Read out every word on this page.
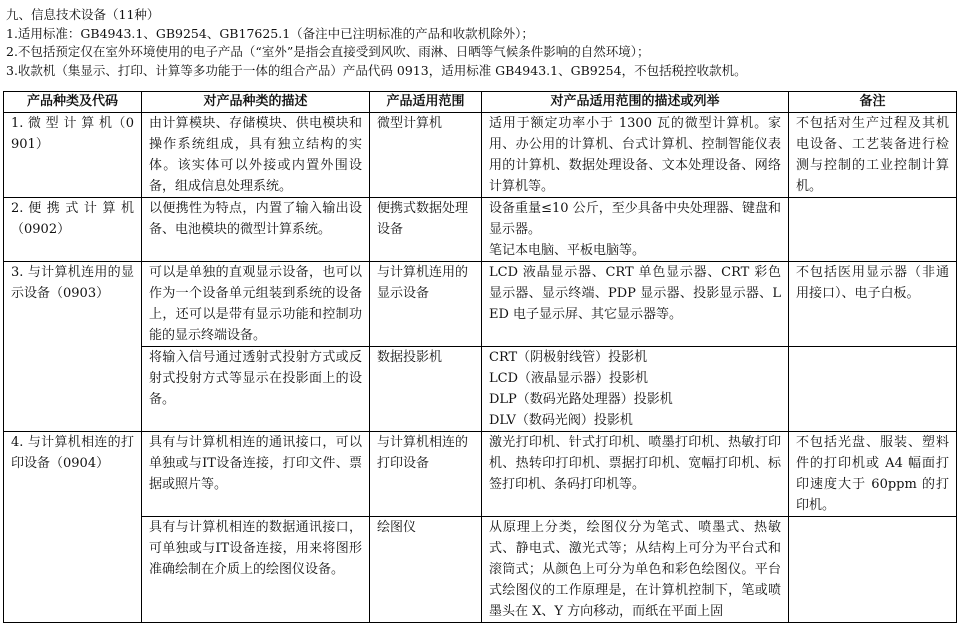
九、信息技术设备（11种）
1.适用标准：GB4943.1、GB9254、GB17625.1（备注中已注明标准的产品和收款机除外）；
2.不包括预定仅在室外环境使用的电子产品（“室外”是指会直接受到风吹、雨淋、日晒等气候条件影响的自然环境）；
3.收款机（集显示、打印、计算等多功能于一体的组合产品）产品代码 0913，适用标准 GB4943.1、GB9254，不包括税控收款机。
产品种类及代码	对产品种类的描述	产品适用范围	对产品适用范围的描述或列举	备注
1. 微 型 计 算 机（0901）	由计算模块、存储模块、供电模块和操作系统组成，具有独立结构的实体。该实体可以外接或内置外围设备，组成信息处理系统。	微型计算机	适用于额定功率小于 1300 瓦的微型计算机。家用、办公用的计算机、台式计算机、控制智能仪表用的计算机、数据处理设备、文本处理设备、网络计算机等。	不包括对生产过程及其机电设备、工艺装备进行检测与控制的工业控制计算机。
2. 便 携 式 计 算 机（0902）	以便携性为特点，内置了输入输出设备、电池模块的微型计算系统。	便携式数据处理设备	设备重量≤10 公斤，至少具备中央处理器、键盘和显示器。
笔记本电脑、平板电脑等。	

3. 与计算机连用的显示设备（0903）	可以是单独的直观显示设备，也可以作为一个设备单元组装到系统的设备上，还可以是带有显示功能和控制功能的显示终端设备。	与计算机连用的显示设备	LCD 液晶显示器、CRT 单色显示器、CRT 彩色显示器、显示终端、PDP 显示器、投影显示器、LED 电子显示屏、其它显示器等。	不包括医用显示器（非通用接口）、电子白板。
	将输入信号通过透射式投射方式或反射式投射方式等显示在投影面上的设备。	数据投影机	CRT（阴极射线管）投影机
LCD（液晶显示器）投影机
DLP（数码光路处理器）投影机
DLV（数码光阀）投影机	

4. 与计算机相连的打印设备（0904）	具有与计算机相连的通讯接口，可以单独或与IT设备连接，打印文件、票据或照片等。	与计算机相连的打印设备	激光打印机、针式打印机、喷墨打印机、热敏打印机、热转印打印机、票据打印机、宽幅打印机、标签打印机、条码打印机等。	不包括光盘、服装、塑料件的打印机或 A4 幅面打印速度大于 60ppm 的打印机。
	具有与计算机相连的数据通讯接口，可单独或与IT设备连接，用来将图形准确绘制在介质上的绘图仪设备。	绘图仪	从原理上分类，绘图仪分为笔式、喷墨式、热敏式、静电式、激光式等；从结构上可分为平台式和滚筒式；从颜色上可分为单色和彩色绘图仪。平台式绘图仪的工作原理是，在计算机控制下，笔或喷墨头在 X、Y 方向移动，而纸在平面上固	
